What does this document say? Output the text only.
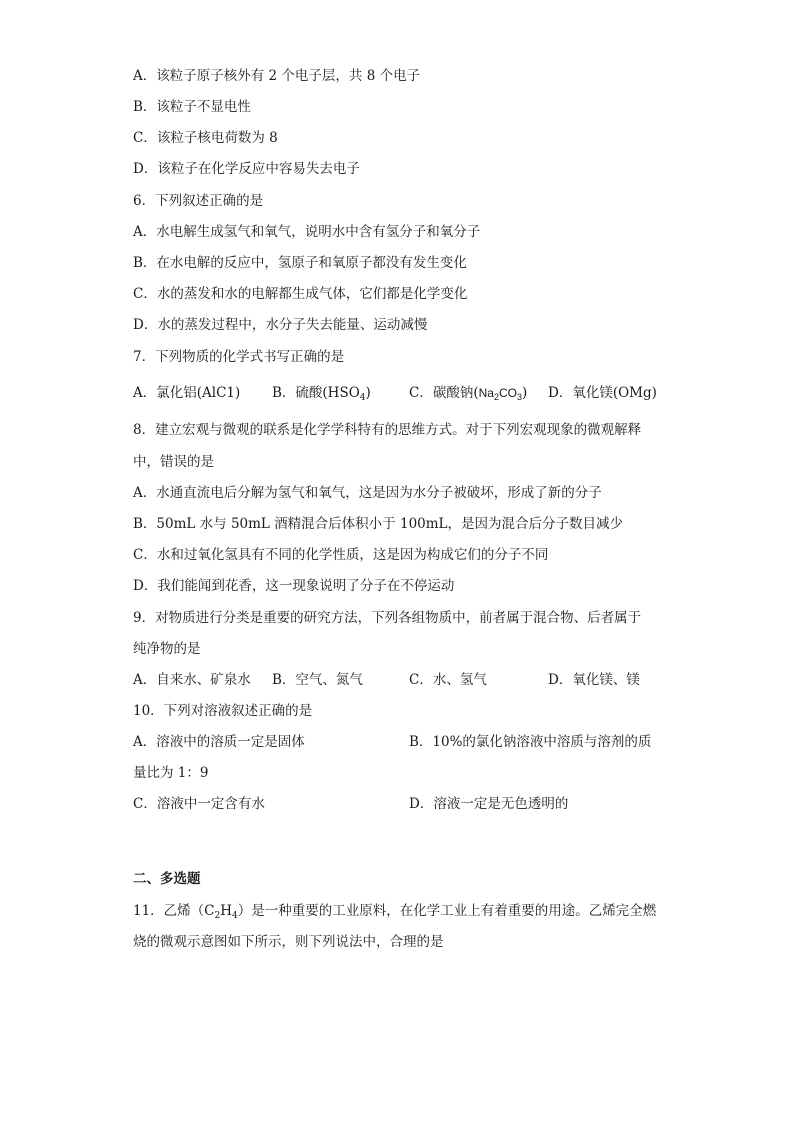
A．该粒子原子核外有 2 个电子层，共 8 个电子
B．该粒子不显电性
C．该粒子核电荷数为 8
D．该粒子在化学反应中容易失去电子
6．下列叙述正确的是
A．水电解生成氢气和氧气，说明水中含有氢分子和氧分子
B．在水电解的反应中，氢原子和氧原子都没有发生变化
C．水的蒸发和水的电解都生成气体，它们都是化学变化
D．水的蒸发过程中，水分子失去能量、运动减慢
7．下列物质的化学式书写正确的是
A．氯化铝(AlC1) B．硫酸$(HSO_4)$	C．碳酸钠$(Na_2CO_3)$ D．氧化镁(OMg)
8．建立宏观与微观的联系是化学学科特有的思维方式。对于下列宏观现象的微观解释
中，错误的是
A．水通直流电后分解为氢气和氧气，这是因为水分子被破坏，形成了新的分子
B．50mL 水与 50mL 酒精混合后体积小于 100mL，是因为混合后分子数目减少
C．水和过氧化氢具有不同的化学性质，这是因为构成它们的分子不同
D．我们能闻到花香，这一现象说明了分子在不停运动
9．对物质进行分类是重要的研究方法，下列各组物质中，前者属于混合物、后者属于
纯净物的是
A．自来水、矿泉水 B．空气、氮气	C．水、氢气	D．氧化镁、镁
10．下列对溶液叙述正确的是
A．溶液中的溶质一定是固体	B．10%的氯化钠溶液中溶质与溶剂的质
量比为 1：9
C．溶液中一定含有水	D．溶液一定是无色透明的
二、多选题
11．乙烯$(C_2H_4)$是一种重要的工业原料，在化学工业上有着重要的用途。乙烯完全燃
烧的微观示意图如下所示，则下列说法中，合理的是
